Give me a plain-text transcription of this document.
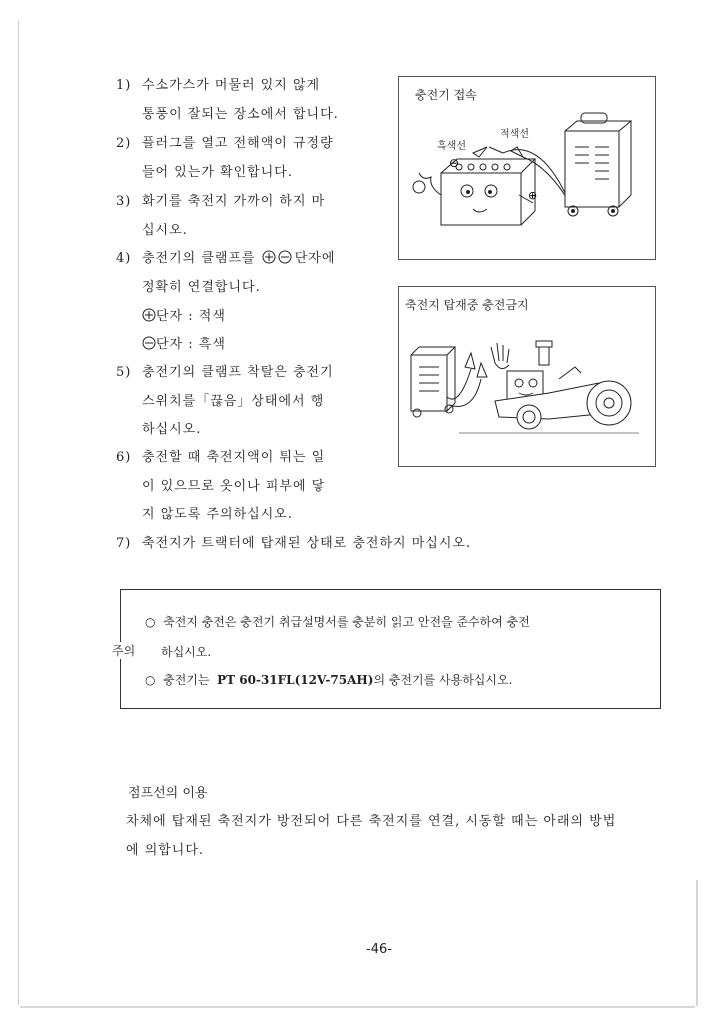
1) 수소가스가 머물러 있지 않게
통풍이 잘되는 장소에서 합니다.
2) 플러그를 열고 전해액이 규정량
들어 있는가 확인합니다.
3) 화기를 축전지 가까이 하지 마
십시오.
4) 충전기의 클램프를	단자에
정확히 연결합니다.
단자 : 적색
단자 : 흑색
5) 충전기의 클램프 착탈은 충전기
스위치를「끊음」상태에서 행
하십시오.
6) 충전할 때 축전지액이 튀는 일
이 있으므로 옷이나 피부에 닿
지 않도록 주의하십시오.
7) 축전지가 트랙터에 탑재된 상태로 충전하지 마십시오.
충전기 접속
흑색선
적색선
⊕
⊖
축전지 탑재중 충전금지
○ 축전지 충전은 충전기 취급설명서를 충분히 읽고 안전을 준수하여 충전
하십시오.
○ 충전기는 PT 60-31FL(12V-75AH)의 충전기를 사용하십시오.
주의
점프선의 이용
차체에 탑재된 축전지가 방전되어 다른 축전지를 연결, 시동할 때는 아래의 방법
에 의합니다.
-46-
